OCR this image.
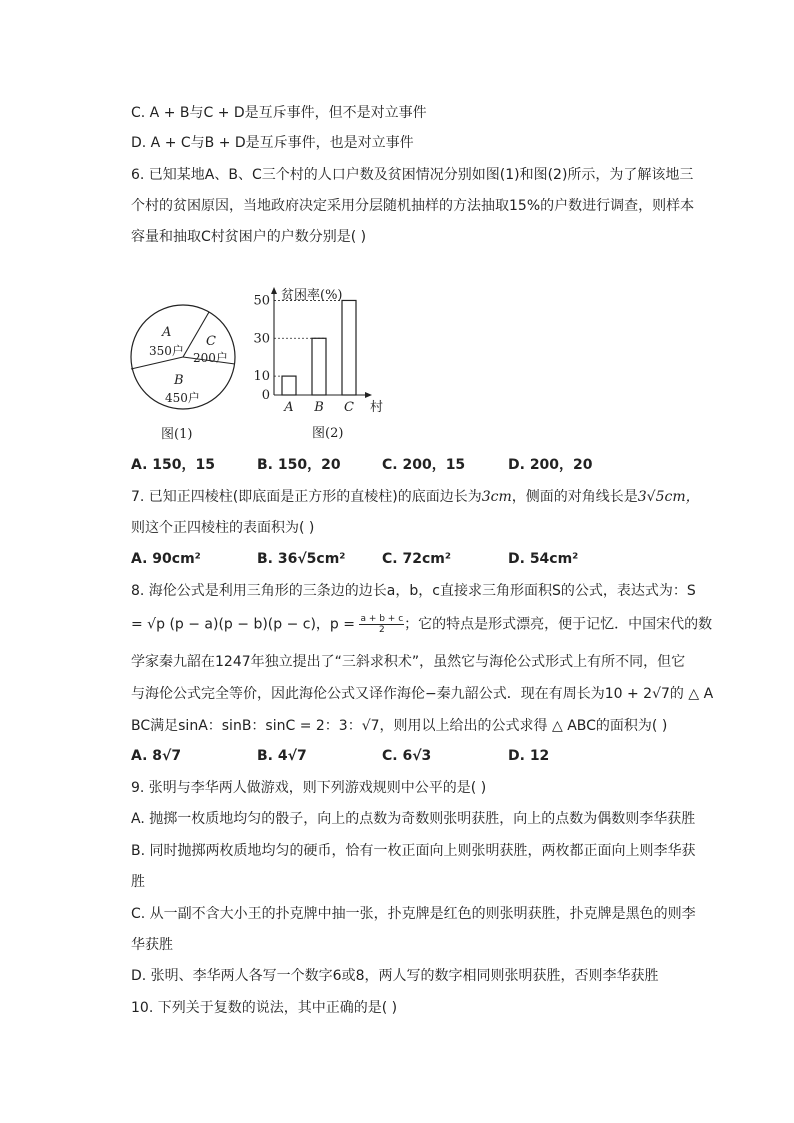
C. A + B与C + D是互斥事件，但不是对立事件
D. A + C与B + D是互斥事件，也是对立事件
6. 已知某地A、B、C三个村的人口户数及贫困情况分别如图(1)和图(2)所示，为了解该地三
个村的贫困原因，当地政府决定采用分层随机抽样的方法抽取15%的户数进行调查，则样本
容量和抽取C村贫困户的户数分别是( )
A
350户
C
200户
B
450户
图(1)
贫困率(%)
村
图(2)
A B C
0
10
30
50
A. 150，15	B. 150，20	C. 200，15	D. 200，20
7. 已知正四棱柱(即底面是正方形的直棱柱)的底面边长为3cm，侧面的对角线长是3√5cm，
则这个正四棱柱的表面积为( )
A. 90cm²	B. 36√5cm²	C. 72cm²	D. 54cm²
8. 海伦公式是利用三角形的三条边的边长a，b，c直接求三角形面积S的公式，表达式为：S
= √p (p − a)(p − b)(p − c)，$p = \frac{a + b + c}{2}$ ；它的特点是形式漂亮，便于记忆．中国宋代的数
学家秦九韶在1247年独立提出了“三斜求积术”，虽然它与海伦公式形式上有所不同，但它
与海伦公式完全等价，因此海伦公式又译作海伦−秦九韶公式．现在有周长为10 + 2√7的 △ A
BC满足sinA：sinB：sinC = 2：3：√7，则用以上给出的公式求得 △ ABC的面积为( )
A. 8√7	B. 4√7	C. 6√3	D. 12
9. 张明与李华两人做游戏，则下列游戏规则中公平的是( )
A. 抛掷一枚质地均匀的骰子，向上的点数为奇数则张明获胜，向上的点数为偶数则李华获胜
B. 同时抛掷两枚质地均匀的硬币，恰有一枚正面向上则张明获胜，两枚都正面向上则李华获
胜
C. 从一副不含大小王的扑克牌中抽一张，扑克牌是红色的则张明获胜，扑克牌是黑色的则李
华获胜
D. 张明、李华两人各写一个数字6或8，两人写的数字相同则张明获胜，否则李华获胜
10. 下列关于复数的说法，其中正确的是( )
